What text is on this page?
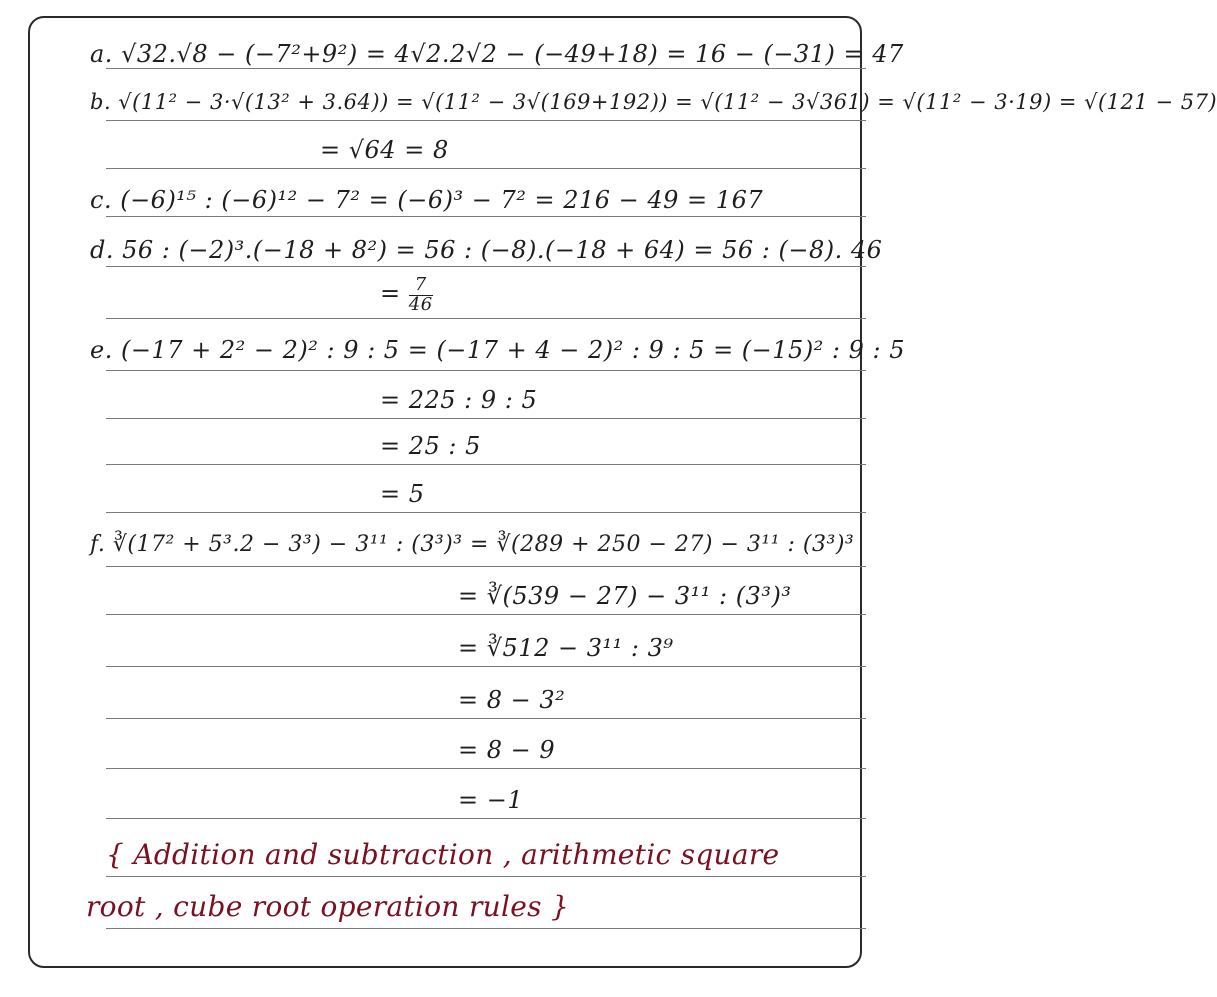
a. √32.√8 − (−7²+9²) = 4√2.2√2 − (−49+18) = 16 − (−31) = 47
b. √(11² − 3·√(13² + 3.64)) = √(11² − 3√(169+192)) = √(11² − 3√361) = √(11² − 3·19) = √(121 − 57)
= √64 = 8
c. (−6)¹⁵ : (−6)¹² − 7² = (−6)³ − 7² = 216 − 49 = 167
d. 56 : (−2)³.(−18 + 8²) = 56 : (−8).(−18 + 64) = 56 : (−8). 46
= $\frac{7}{46}$
e. (−17 + 2² − 2)² : 9 : 5 = (−17 + 4 − 2)² : 9 : 5 = (−15)² : 9 : 5
= 225 : 9 : 5
= 25 : 5
= 5
f. ∛(17² + 5³.2 − 3³) − 3¹¹ : (3³)³ = ∛(289 + 250 − 27) − 3¹¹ : (3³)³
= ∛(539 − 27) − 3¹¹ : (3³)³
= ∛512 − 3¹¹ : 3⁹
= 8 − 3²
= 8 − 9
= −1
{ Addition and subtraction , arithmetic square
root , cube root operation rules }
